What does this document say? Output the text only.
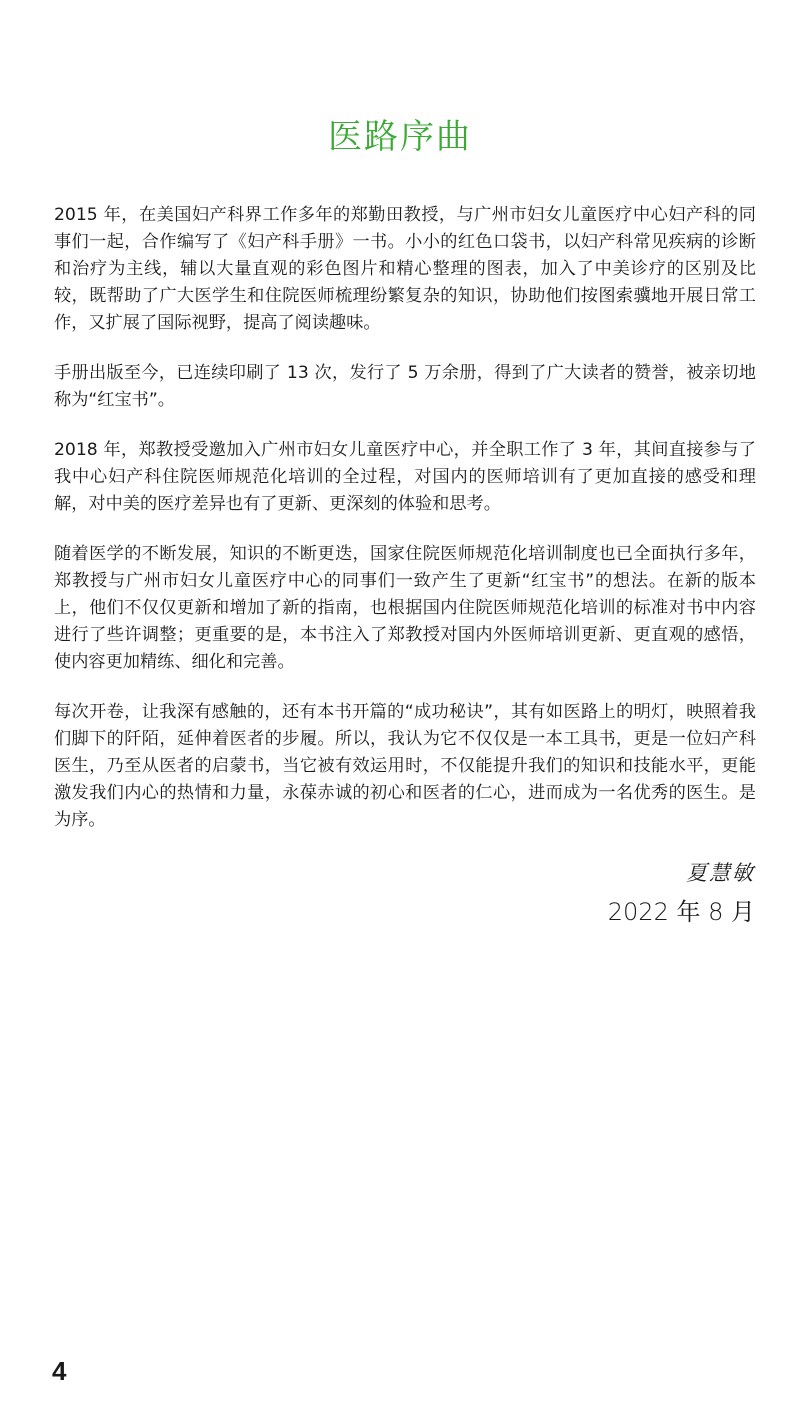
医路序曲

2015 年，在美国妇产科界工作多年的郑勤田教授，与广州市妇女儿童医疗中心妇产科的同事们一起，合作编写了《妇产科手册》一书。小小的红色口袋书，以妇产科常见疾病的诊断和治疗为主线，辅以大量直观的彩色图片和精心整理的图表，加入了中美诊疗的区别及比较，既帮助了广大医学生和住院医师梳理纷繁复杂的知识，协助他们按图索骥地开展日常工作，又扩展了国际视野，提高了阅读趣味。

手册出版至今，已连续印刷了 13 次，发行了 5 万余册，得到了广大读者的赞誉，被亲切地称为“红宝书”。

2018 年，郑教授受邀加入广州市妇女儿童医疗中心，并全职工作了 3 年，其间直接参与了我中心妇产科住院医师规范化培训的全过程，对国内的医师培训有了更加直接的感受和理解，对中美的医疗差异也有了更新、更深刻的体验和思考。

随着医学的不断发展，知识的不断更迭，国家住院医师规范化培训制度也已全面执行多年，郑教授与广州市妇女儿童医疗中心的同事们一致产生了更新“红宝书”的想法。在新的版本上，他们不仅仅更新和增加了新的指南，也根据国内住院医师规范化培训的标准对书中内容进行了些许调整；更重要的是，本书注入了郑教授对国内外医师培训更新、更直观的感悟，使内容更加精练、细化和完善。

每次开卷，让我深有感触的，还有本书开篇的“成功秘诀”，其有如医路上的明灯，映照着我们脚下的阡陌，延伸着医者的步履。所以，我认为它不仅仅是一本工具书，更是一位妇产科医生，乃至从医者的启蒙书，当它被有效运用时，不仅能提升我们的知识和技能水平，更能激发我们内心的热情和力量，永葆赤诚的初心和医者的仁心，进而成为一名优秀的医生。是为序。

夏慧敏
2022 年 8 月
4
